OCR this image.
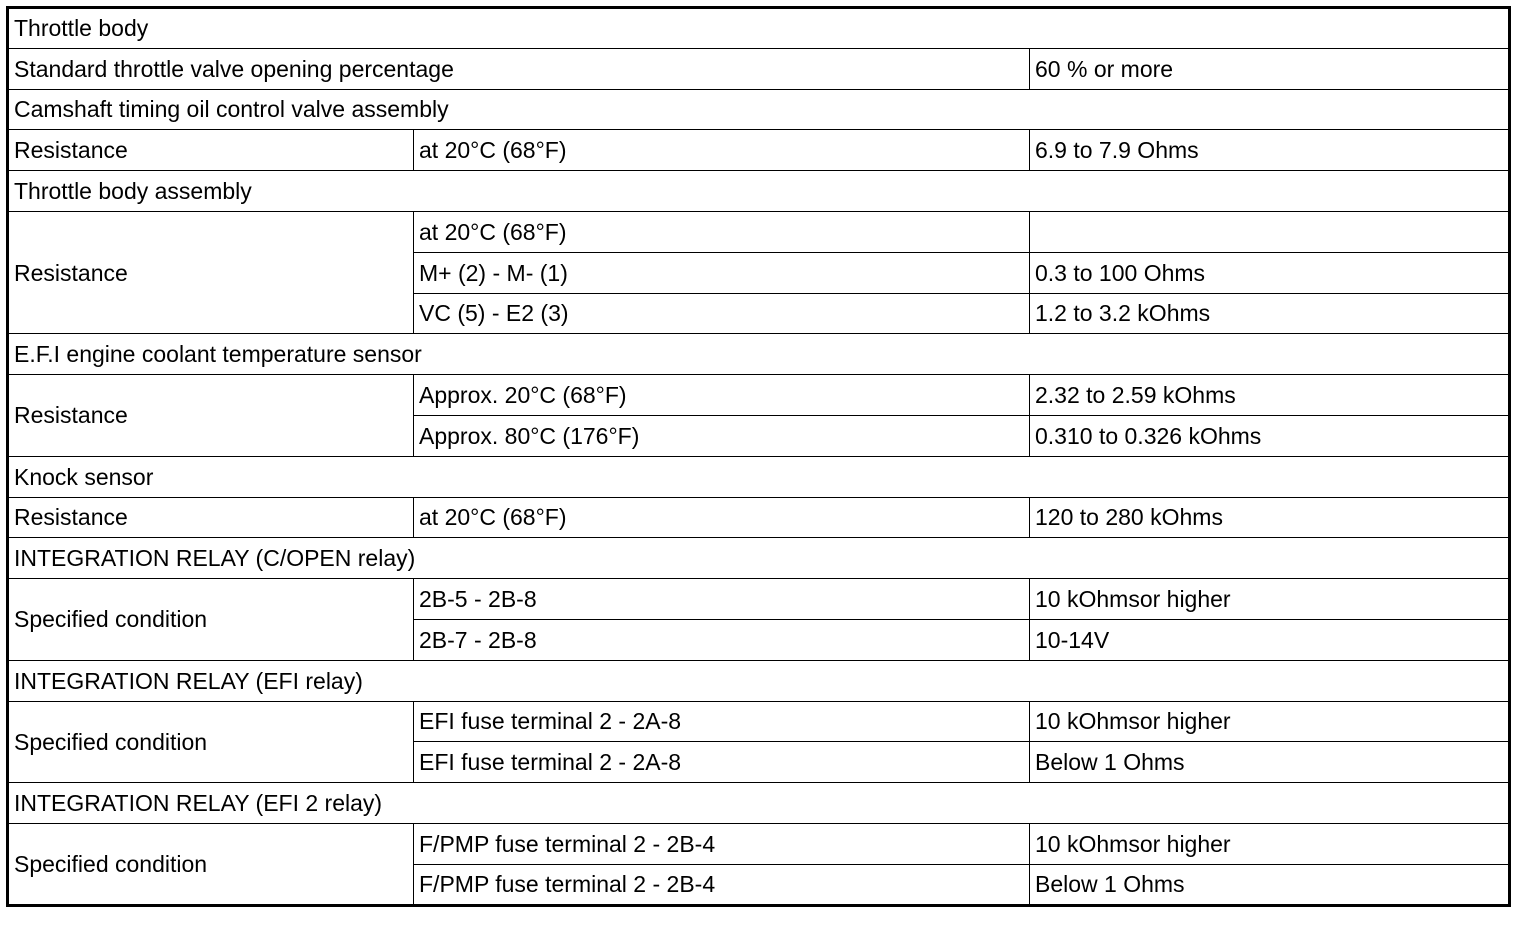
Throttle body		
Standard throttle valve opening percentage		60 % or more
Camshaft timing oil control valve assembly		
Resistance	at 20°C (68°F)	6.9 to 7.9 Ohms
Throttle body assembly		
Resistance	at 20°C (68°F)	
	M+ (2) - M- (1)	0.3 to 100 Ohms
	VC (5) - E2 (3)	1.2 to 3.2 kOhms
E.F.I engine coolant temperature sensor		
Resistance	Approx. 20°C (68°F)	2.32 to 2.59 kOhms
	Approx. 80°C (176°F)	0.310 to 0.326 kOhms
Knock sensor		
Resistance	at 20°C (68°F)	120 to 280 kOhms
INTEGRATION RELAY (C/OPEN relay)		
Specified condition	2B-5 - 2B-8	10 kOhmsor higher
	2B-7 - 2B-8	10-14V
INTEGRATION RELAY (EFI relay)		
Specified condition	EFI fuse terminal 2 - 2A-8	10 kOhmsor higher
	EFI fuse terminal 2 - 2A-8	Below 1 Ohms
INTEGRATION RELAY (EFI 2 relay)		
Specified condition	F/PMP fuse terminal 2 - 2B-4	10 kOhmsor higher
	F/PMP fuse terminal 2 - 2B-4	Below 1 Ohms
